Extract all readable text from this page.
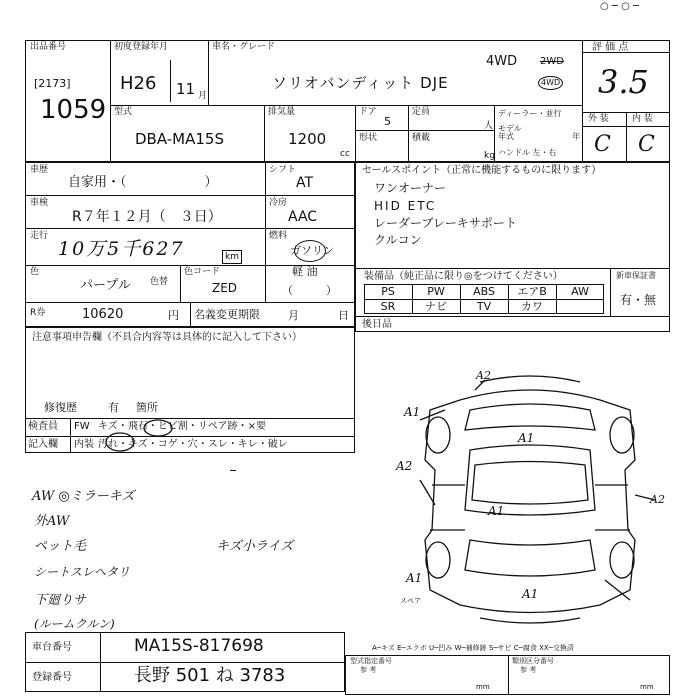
○ ─ ○ ─
出品番号
[2173]
1059
初度登録年月
H26 11 月
車名・グレード
ソリオバンディット DJE
4WD 2WD
4WD
評 価 点
3.5
外 装	内 装
C C
型式
DBA-MA15S
排気量
1200
cc
ドア
5
定員
人
形状	積載
kg
ディーラー・並行
モデル年式	年
ハンドル 左・右
車歴
自家用・（　　　　　　）
シフト
AT
車検
R７年１２月（　３日）
冷房
AAC
走行
10万5千627	km
燃料
ガソリン
軽 油
（　　　）
色
パープル 色替
色コード
ZED
R券	10620	円 名義変更期限	月	日
セールスポイント（正常に機能するものに限ります）
ワンオーナー
HID ETC
レーダーブレーキサポート
クルコン
装備品（純正品に限り◎をつけてください）	新車保証書
有・無
PS	PW	ABS	エアB	AW
SR	ナビ	TV	カワ
後日品
注意事項申告欄（不具合内容等は具体的に記入して下さい）
修復歴	有 箇所
検査員
記入欄
FW キズ・飛石・ヒビ割・リペア跡・×要
内装 汚れ・キズ・コゲ・穴・スレ・キレ・破レ
AW ◎ミラーキズ
外AW
ペット毛	キズ小ライズ
シートスレヘタリ
下廻りサ
(ルームクルン)
A2
A1
A1
A2
A1
A2
A1
A1
スペア
車台番号	MA15S-817698
登録番号	長野 501 ね 3783
A─キズ E─エクボ U─凹み W─補修跡 S─サビ C─腐食 XX─交換済
型式指定番号
参 考
類別区分番号
参 考
mm	mm
